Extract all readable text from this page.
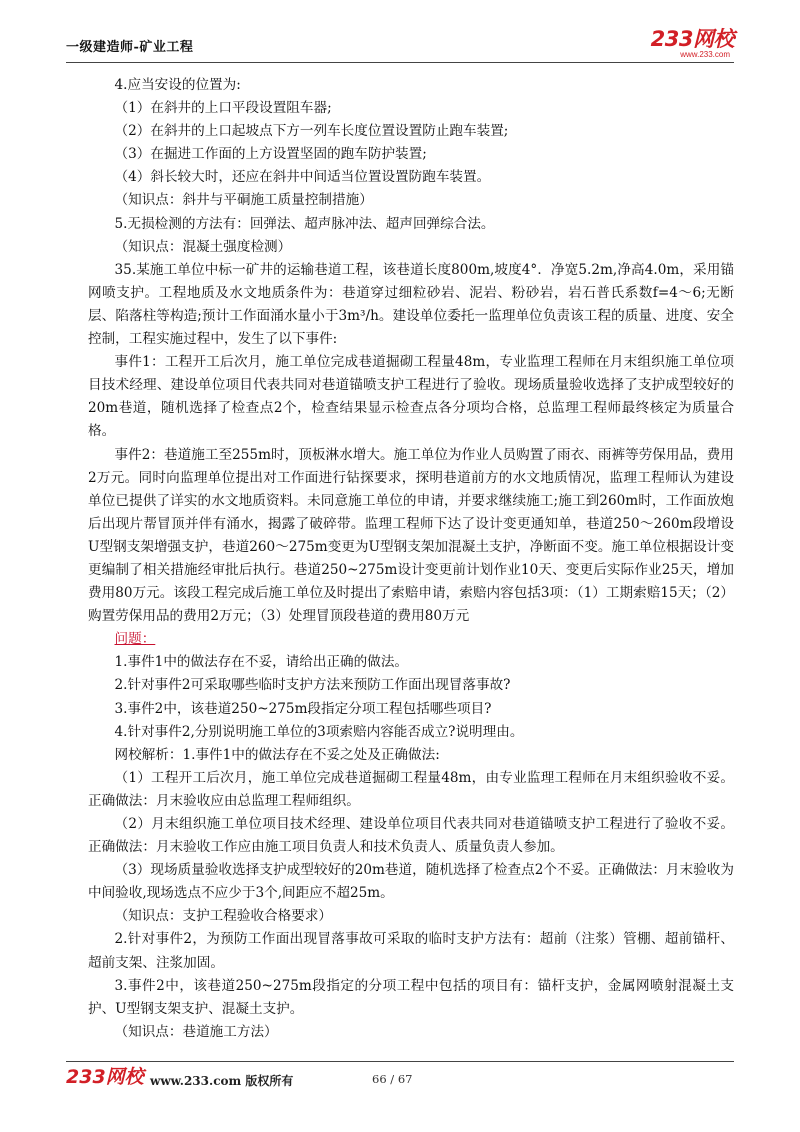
一级建造师-矿业工程	233网校
www.233.com

4.应当安设的位置为:

（1）在斜井的上口平段设置阻车器;

（2）在斜井的上口起坡点下方一列车长度位置设置防止跑车装置;

（3）在掘进工作面的上方设置坚固的跑车防护装置;

（4）斜长较大时，还应在斜井中间适当位置设置防跑车装置。

（知识点：斜井与平硐施工质量控制措施）

5.无损检测的方法有：回弹法、超声脉冲法、超声回弹综合法。

（知识点：混凝土强度检测）

35.某施工单位中标一矿井的运输巷道工程，该巷道长度800m,坡度4°．净宽5.2m,净高4.0m，采用锚网喷支护。工程地质及水文地质条件为：巷道穿过细粒砂岩、泥岩、粉砂岩，岩石普氏系数f=4～6;无断层、陷落柱等构造;预计工作面涌水量小于3m³/h。建设单位委托一监理单位负责该工程的质量、进度、安全控制，工程实施过程中，发生了以下事件:

事件1：工程开工后次月，施工单位完成巷道掘砌工程量48m，专业监理工程师在月末组织施工单位项目技术经理、建设单位项目代表共同对巷道锚喷支护工程进行了验收。现场质量验收选择了支护成型较好的20m巷道，随机选择了检查点2个，检查结果显示检查点各分项均合格，总监理工程师最终核定为质量合格。

事件2：巷道施工至255m时，顶板淋水增大。施工单位为作业人员购置了雨衣、雨裤等劳保用品，费用2万元。同时向监理单位提出对工作面进行钻探要求，探明巷道前方的水文地质情况，监理工程师认为建设单位已提供了详实的水文地质资料。未同意施工单位的申请，并要求继续施工;施工到260m时，工作面放炮后出现片帮冒顶并伴有涌水，揭露了破碎带。监理工程师下达了设计变更通知单，巷道250～260m段增设U型钢支架增强支护，巷道260～275m变更为U型钢支架加混凝土支护，净断面不变。施工单位根据设计变更编制了相关措施经审批后执行。巷道250~275m设计变更前计划作业10天、变更后实际作业25天，增加费用80万元。该段工程完成后施工单位及时提出了索赔申请，索赔内容包括3项：（1）工期索赔15天；（2）购置劳保用品的费用2万元；（3）处理冒顶段巷道的费用80万元

问题：

1.事件1中的做法存在不妥，请给出正确的做法。

2.针对事件2可采取哪些临时支护方法来预防工作面出现冒落事故?

3.事件2中，该巷道250~275m段指定分项工程包括哪些项目?

4.针对事件2,分别说明施工单位的3项索赔内容能否成立?说明理由。

网校解析：1.事件1中的做法存在不妥之处及正确做法:

（1）工程开工后次月，施工单位完成巷道掘砌工程量48m，由专业监理工程师在月末组织验收不妥。正确做法：月末验收应由总监理工程师组织。

（2）月末组织施工单位项目技术经理、建设单位项目代表共同对巷道锚喷支护工程进行了验收不妥。正确做法：月末验收工作应由施工项目负责人和技术负责人、质量负责人参加。

（3）现场质量验收选择支护成型较好的20m巷道，随机选择了检查点2个不妥。正确做法：月末验收为中间验收,现场选点不应少于3个,间距应不超25m。

（知识点：支护工程验收合格要求）

2.针对事件2，为预防工作面出现冒落事故可采取的临时支护方法有：超前（注浆）管棚、超前锚杆、超前支架、注浆加固。

3.事件2中，该巷道250~275m段指定的分项工程中包括的项目有：锚杆支护，金属网喷射混凝土支护、U型钢支架支护、混凝土支护。

（知识点：巷道施工方法）

233网校 www.233.com 版权所有	66 / 67
